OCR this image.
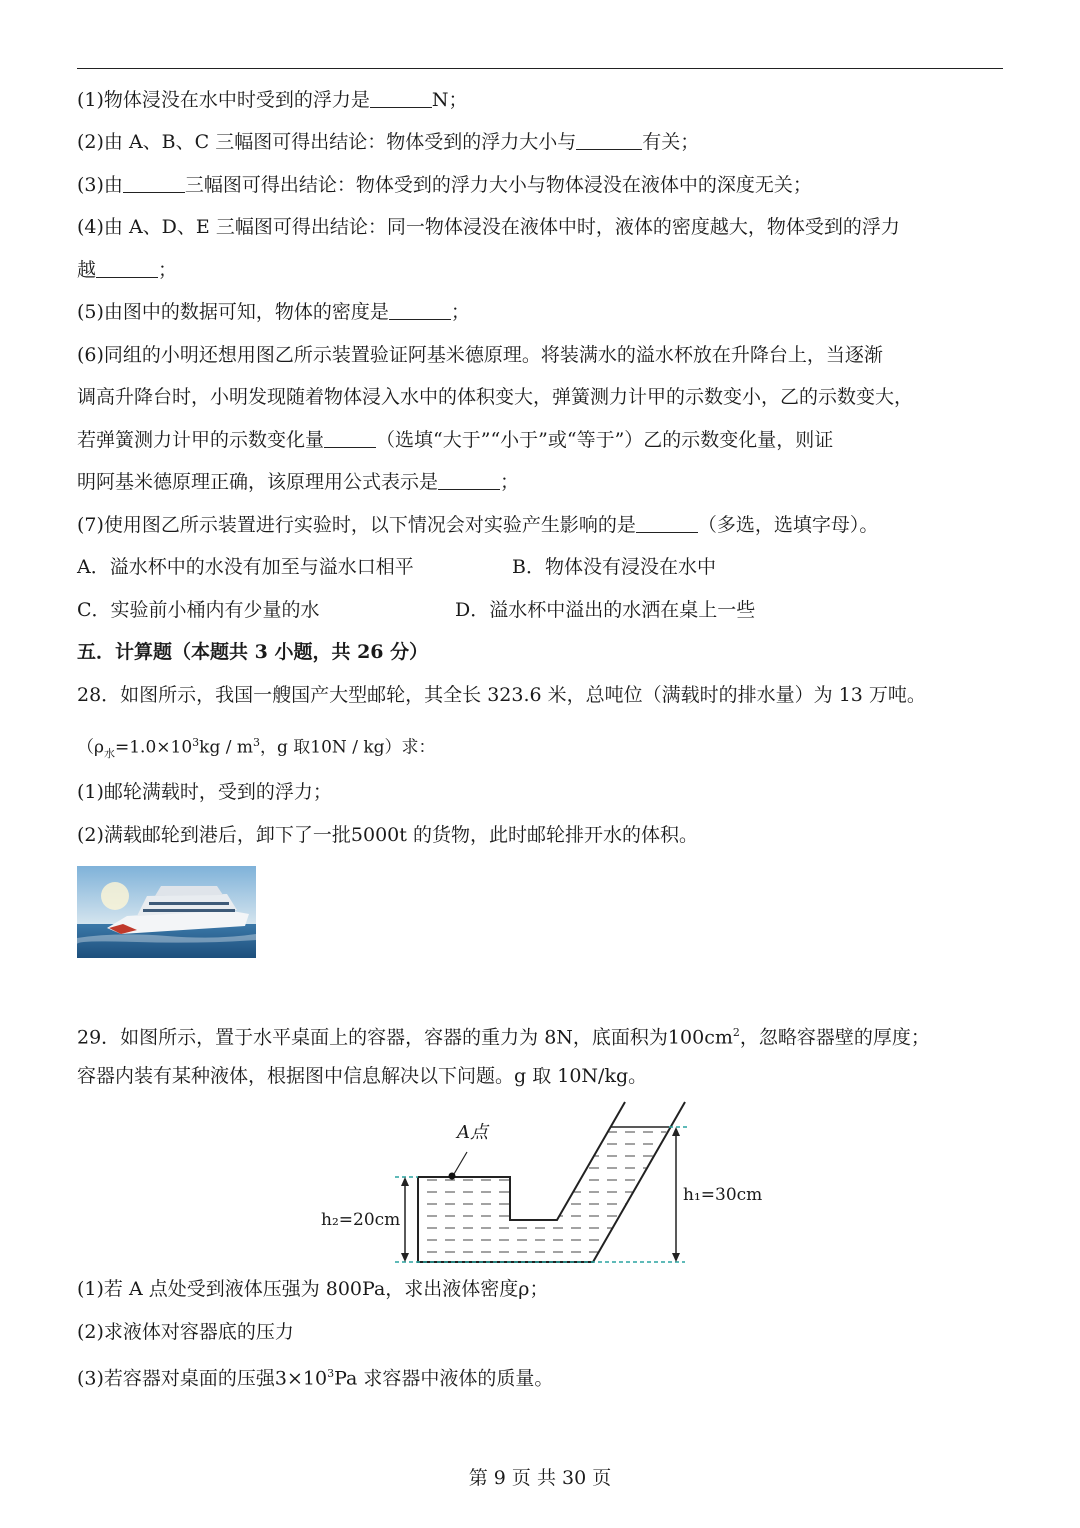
(1)物体浸没在水中时受到的浮力是	N；
(2)由 A、B、C 三幅图可得出结论：物体受到的浮力大小与	有关；
(3)由	三幅图可得出结论：物体受到的浮力大小与物体浸没在液体中的深度无关；
(4)由 A、D、E 三幅图可得出结论：同一物体浸没在液体中时，液体的密度越大，物体受到的浮力
越	；
(5)由图中的数据可知，物体的密度是	；
(6)同组的小明还想用图乙所示装置验证阿基米德原理。将装满水的溢水杯放在升降台上，当逐渐
调高升降台时，小明发现随着物体浸入水中的体积变大，弹簧测力计甲的示数变小，乙的示数变大，
若弹簧测力计甲的示数变化量	（选填“大于”“小于”或“等于”）乙的示数变化量，则证
明阿基米德原理正确，该原理用公式表示是	；
(7)使用图乙所示装置进行实验时，以下情况会对实验产生影响的是	（多选，选填字母）。
A．溢水杯中的水没有加至与溢水口相平	B．物体没有浸没在水中
C．实验前小桶内有少量的水	D．溢水杯中溢出的水洒在桌上一些
五．计算题（本题共 3 小题，共 26 分）
28．如图所示，我国一艘国产大型邮轮，其全长 323.6 米，总吨位（满载时的排水量）为 13 万吨。
（$\rho_水=1.0\times 10^3kg / m^3$，g 取10N / kg）求：
(1)邮轮满载时，受到的浮力；
(2)满载邮轮到港后，卸下了一批5000t 的货物，此时邮轮排开水的体积。
29．如图所示，置于水平桌面上的容器，容器的重力为 8N，底面积为$100cm^2$，忽略容器壁的厚度；
容器内装有某种液体，根据图中信息解决以下问题。g 取 10N/kg。
A点
h₁=30cm
h₂=20cm
(1)若 A 点处受到液体压强为 800Pa，求出液体密度ρ；
(2)求液体对容器底的压力
(3)若容器对桌面的压强$3\times 10^3Pa$ 求容器中液体的质量。
第 9 页 共 30 页
